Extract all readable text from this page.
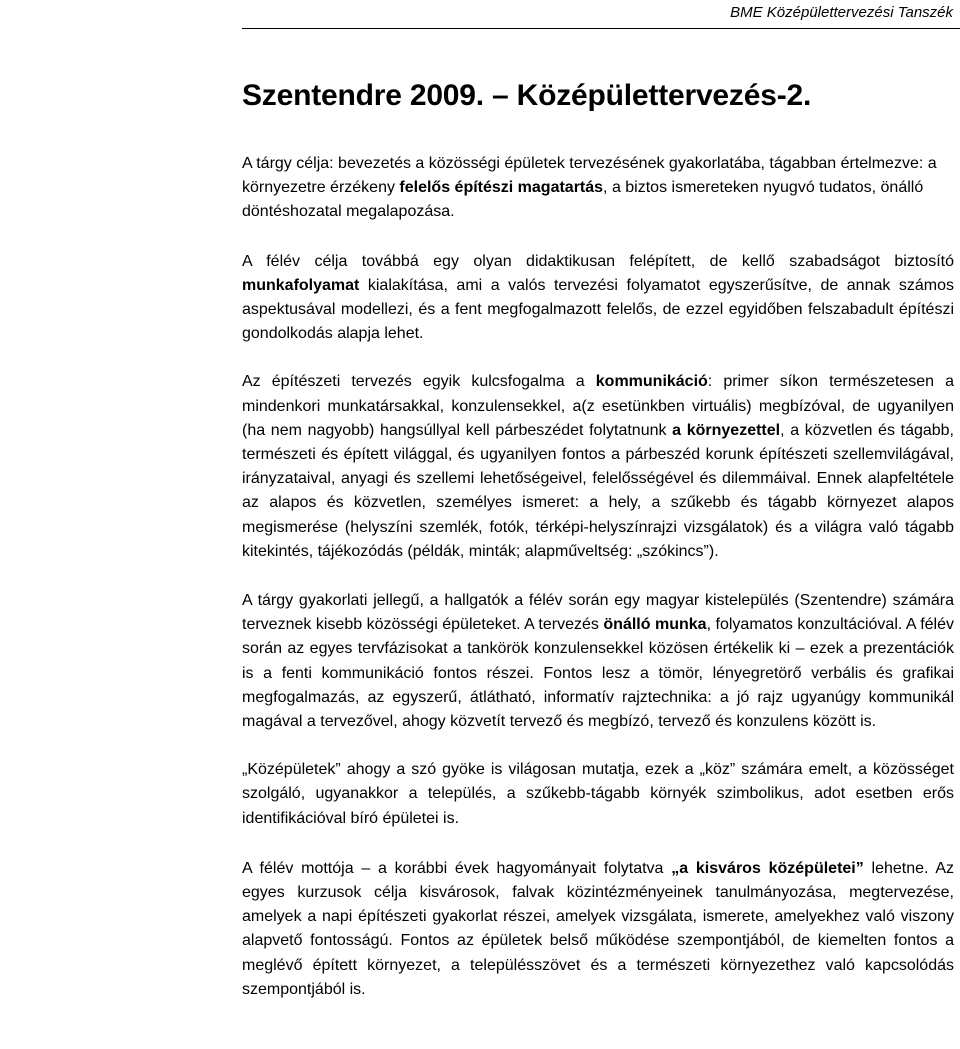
BME Középülettervezési Tanszék
Szentendre 2009. – Középülettervezés-2.

A tárgy célja: bevezetés a közösségi épületek tervezésének gyakorlatába, tágabban értelmezve: a környezetre érzékeny felelős építészi magatartás, a biztos ismereteken nyugvó tudatos, önálló döntéshozatal megalapozása.

A félév célja továbbá egy olyan didaktikusan felépített, de kellő szabadságot biztosító munkafolyamat kialakítása, ami a valós tervezési folyamatot egyszerűsítve, de annak számos aspektusával modellezi, és a fent megfogalmazott felelős, de ezzel egyidőben felszabadult építészi gondolkodás alapja lehet.

Az építészeti tervezés egyik kulcsfogalma a kommunikáció: primer síkon természetesen a mindenkori munkatársakkal, konzulensekkel, a(z esetünkben virtuális) megbízóval, de ugyanilyen (ha nem nagyobb) hangsúllyal kell párbeszédet folytatnunk a környezettel, a közvetlen és tágabb, természeti és épített világgal, és ugyanilyen fontos a párbeszéd korunk építészeti szellemvilágával, irányzataival, anyagi és szellemi lehetőségeivel, felelősségével és dilemmáival. Ennek alapfeltétele az alapos és közvetlen, személyes ismeret: a hely, a szűkebb és tágabb környezet alapos megismerése (helyszíni szemlék, fotók, térképi-helyszínrajzi vizsgálatok) és a világra való tágabb kitekintés, tájékozódás (példák, minták; alapműveltség: „szókincs”).

A tárgy gyakorlati jellegű, a hallgatók a félév során egy magyar kistelepülés (Szentendre) számára terveznek kisebb közösségi épületeket. A tervezés önálló munka, folyamatos konzultációval. A félév során az egyes tervfázisokat a tankörök konzulensekkel közösen értékelik ki – ezek a prezentációk is a fenti kommunikáció fontos részei. Fontos lesz a tömör, lényegretörő verbális és grafikai megfogalmazás, az egyszerű, átlátható, informatív rajztechnika: a jó rajz ugyanúgy kommunikál magával a tervezővel, ahogy közvetít tervező és megbízó, tervező és konzulens között is.

„Középületek” ahogy a szó gyöke is világosan mutatja, ezek a „köz” számára emelt, a közösséget szolgáló, ugyanakkor a település, a szűkebb-tágabb környék szimbolikus, adot esetben erős identifikációval bíró épületei is.

A félév mottója – a korábbi évek hagyományait folytatva „a kisváros középületei” lehetne. Az egyes kurzusok célja kisvárosok, falvak közintézményeinek tanulmányozása, megtervezése, amelyek a napi építészeti gyakorlat részei, amelyek vizsgálata, ismerete, amelyekhez való viszony alapvető fontosságú. Fontos az épületek belső működése szempontjából, de kiemelten fontos a meglévő épített környezet, a településszövet és a természeti környezethez való kapcsolódás szempontjából is.
